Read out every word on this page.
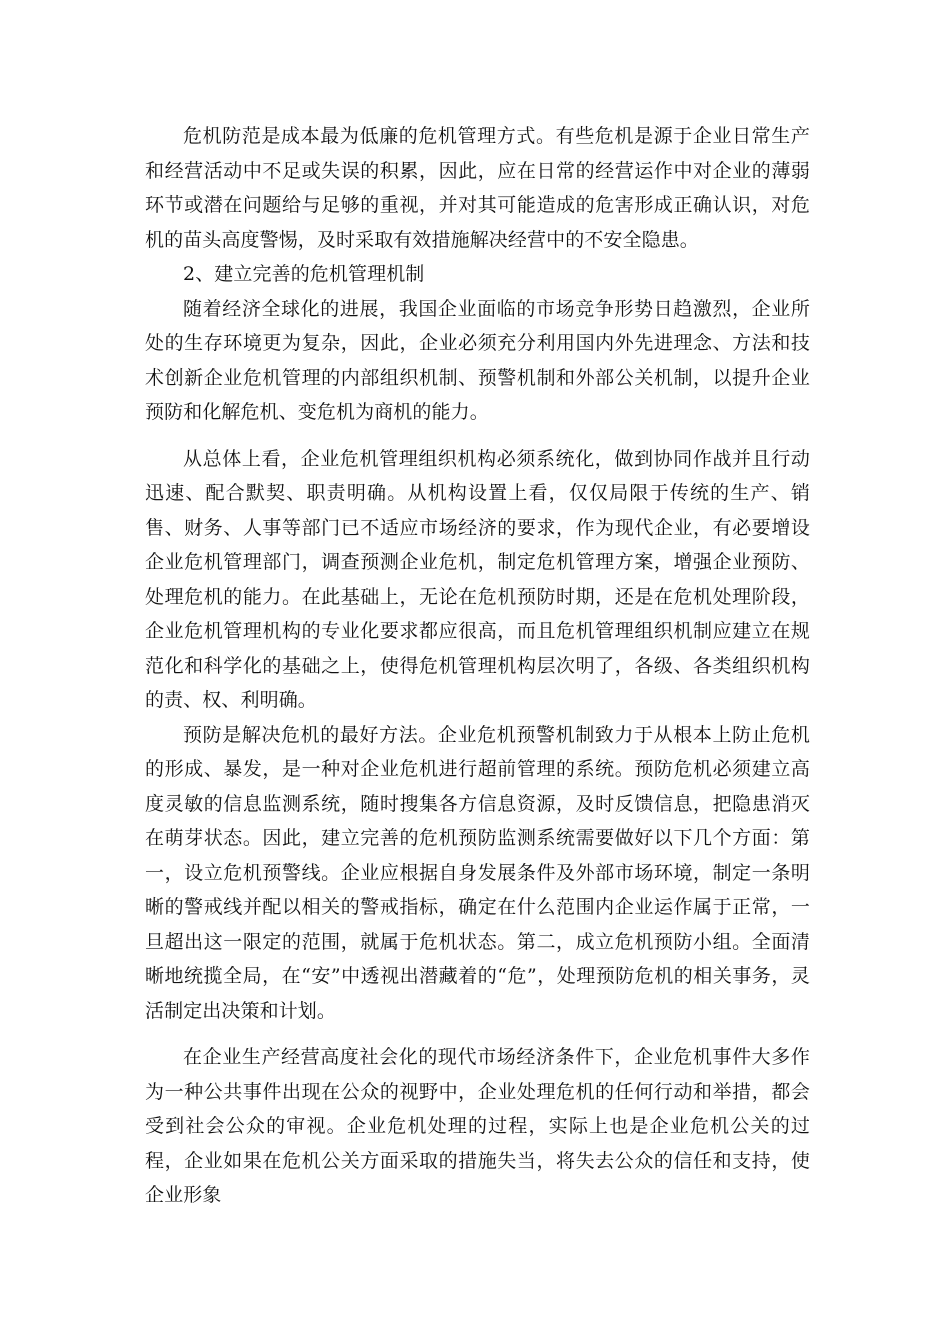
危机防范是成本最为低廉的危机管理方式。有些危机是源于企业日常生产和经营活动中不足或失误的积累，因此，应在日常的经营运作中对企业的薄弱环节或潜在问题给与足够的重视，并对其可能造成的危害形成正确认识，对危机的苗头高度警惕，及时采取有效措施解决经营中的不安全隐患。

2、建立完善的危机管理机制

随着经济全球化的进展，我国企业面临的市场竞争形势日趋激烈，企业所处的生存环境更为复杂，因此，企业必须充分利用国内外先进理念、方法和技术创新企业危机管理的内部组织机制、预警机制和外部公关机制，以提升企业预防和化解危机、变危机为商机的能力。

从总体上看，企业危机管理组织机构必须系统化，做到协同作战并且行动迅速、配合默契、职责明确。从机构设置上看，仅仅局限于传统的生产、销售、财务、人事等部门已不适应市场经济的要求，作为现代企业，有必要增设企业危机管理部门，调查预测企业危机，制定危机管理方案，增强企业预防、处理危机的能力。在此基础上，无论在危机预防时期，还是在危机处理阶段，企业危机管理机构的专业化要求都应很高，而且危机管理组织机制应建立在规范化和科学化的基础之上，使得危机管理机构层次明了，各级、各类组织机构的责、权、利明确。

预防是解决危机的最好方法。企业危机预警机制致力于从根本上防止危机的形成、暴发，是一种对企业危机进行超前管理的系统。预防危机必须建立高度灵敏的信息监测系统，随时搜集各方信息资源，及时反馈信息，把隐患消灭在萌芽状态。因此，建立完善的危机预防监测系统需要做好以下几个方面：第一，设立危机预警线。企业应根据自身发展条件及外部市场环境，制定一条明晰的警戒线并配以相关的警戒指标，确定在什么范围内企业运作属于正常，一旦超出这一限定的范围，就属于危机状态。第二，成立危机预防小组。全面清晰地统揽全局，在“安”中透视出潜藏着的“危”，处理预防危机的相关事务，灵活制定出决策和计划。

在企业生产经营高度社会化的现代市场经济条件下，企业危机事件大多作为一种公共事件出现在公众的视野中，企业处理危机的任何行动和举措，都会受到社会公众的审视。企业危机处理的过程，实际上也是企业危机公关的过程，企业如果在危机公关方面采取的措施失当，将失去公众的信任和支持，使企业形象
